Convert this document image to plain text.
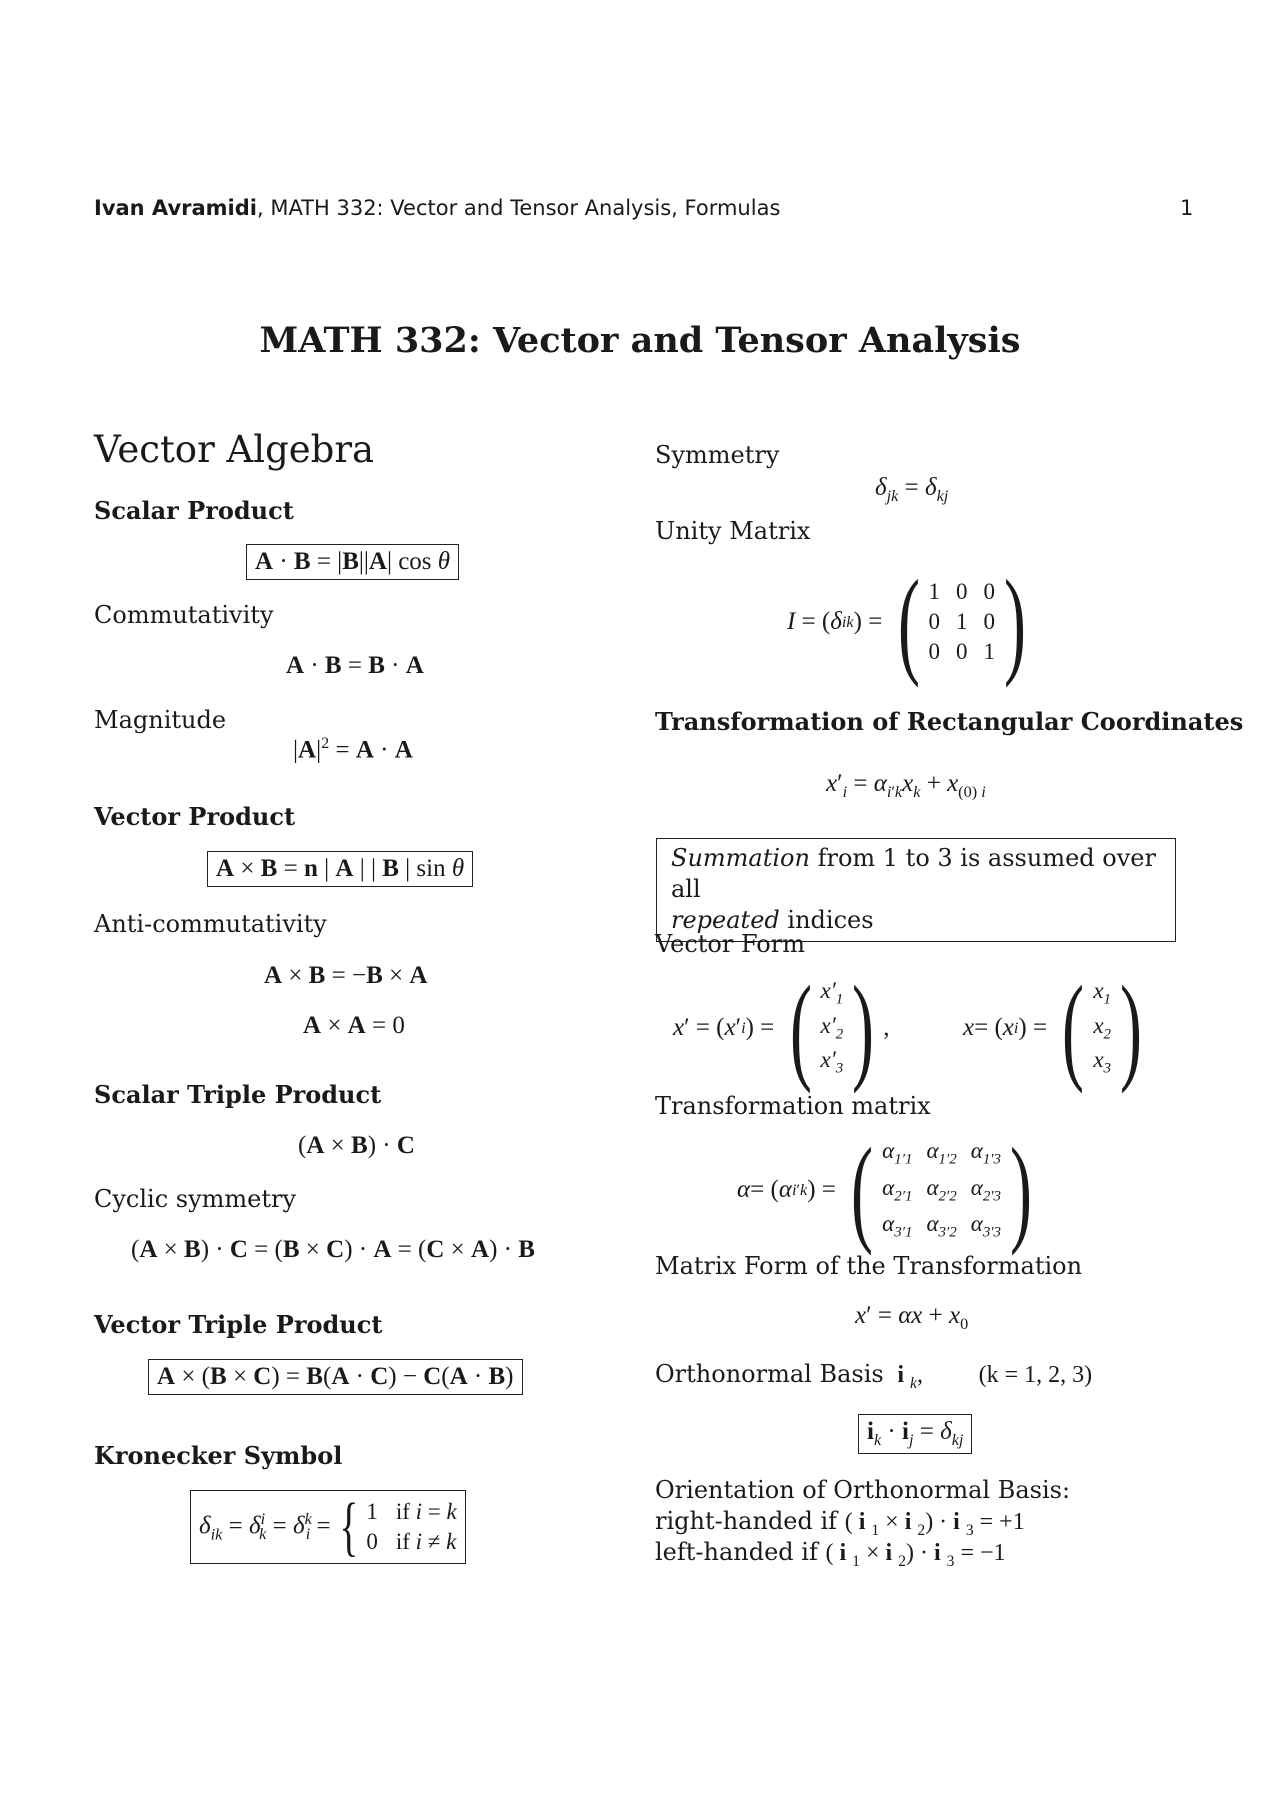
Ivan Avramidi, MATH 332: Vector and Tensor Analysis, Formulas	1
MATH 332: Vector and Tensor Analysis
Vector Algebra
Scalar Product
A · B = |B||A| cos θ
Commutativity
A · B = B · A
Magnitude
$|A|^2 = A \cdot A$
Vector Product
A × B = n | A | | B | sin θ
Anti-commutativity
A × B = −B × A
A × A = 0
Scalar Triple Product
(A × B) · C
Cyclic symmetry
(A × B) · C = (B × C) · A = (C × A) · B
Vector Triple Product
A × (B × C) = B(A · C) − C(A · B)
Kronecker Symbol
$\delta_{ik} = \delta^i_k = \delta^k_i$ = { 1 if i = k
0 if i ≠ k
Symmetry
$\delta_{jk} = \delta_{kj}$
Unity Matrix
I = ( δ ik ) = ( 1 0 0
0 1 0
0 0 1 )
Transformation of Rectangular Coordinates
$x'_i = \alpha_{i'k}x_k + x_{(0) i}$
Summation from 1 to 3 is assumed over all
repeated indices
Vector Form
x ′ = ( x ′ i ) = ( $x'_1$
$x'_2$
$x'_3$ ) ,	x = ( x i ) = ( $x_1$
$x_2$
$x_3$ )
Transformation matrix
α = ( α i′k ) = ( $\alpha_{1'1}$ $\alpha_{1'2}$ $\alpha_{1'3}$
$\alpha_{2'1}$ $\alpha_{2'2}$ $\alpha_{2'3}$
$\alpha_{3'1}$ $\alpha_{3'2}$ $\alpha_{3'3}$ )
Matrix Form of the Transformation
$x' = \alpha x + x_0$
Orthonormal Basis i $_k$, (k = 1, 2, 3)
$i_k \cdot i_j = \delta_{kj}$
Orientation of Orthonormal Basis:
right-handed if ( i $_1$ × i $_2$) · i $_3$ = +1
left-handed if ( i $_1$ × i $_2$) · i $_3$ = −1
